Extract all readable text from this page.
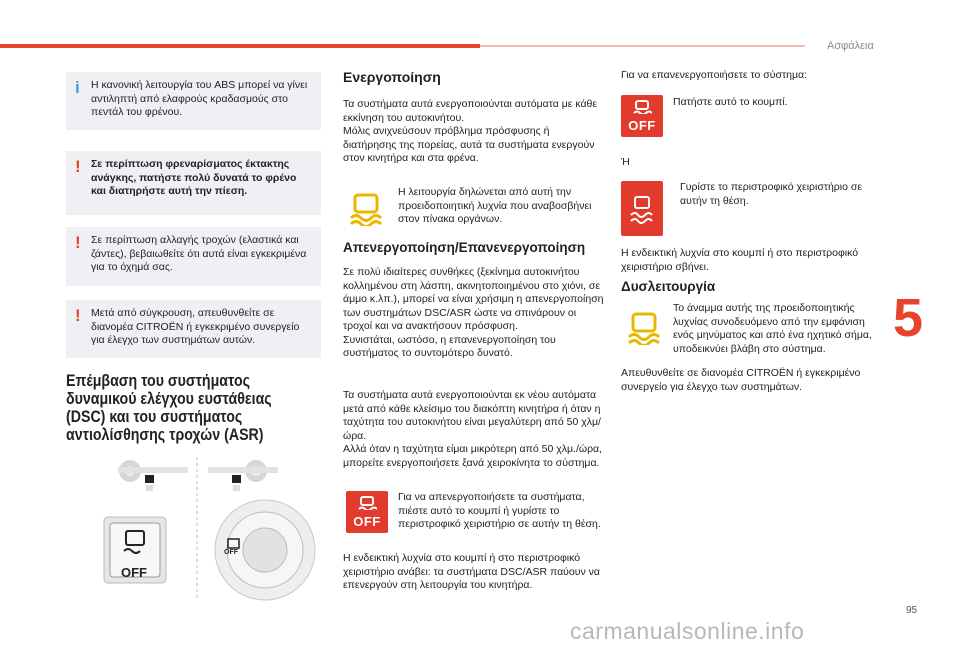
Ασφάλεια
5
95
carmanualsonline.info
i Η κανονική λειτουργία του ABS μπορεί να γίνει αντιληπτή από ελαφρούς κραδασμούς στο πεντάλ του φρένου.
! Σε περίπτωση φρεναρίσματος έκτακτης ανάγκης, πατήστε πολύ δυνατά το φρένο και διατηρήστε αυτή την πίεση.
! Σε περίπτωση αλλαγής τροχών (ελαστικά και ζάντες), βεβαιωθείτε ότι αυτά είναι εγκεκριμένα για το όχημά σας.
! Μετά από σύγκρουση, απευθυνθείτε σε διανομέα CITROËN ή εγκεκριμένο συνεργείο για έλεγχο των συστημάτων αυτών.
Επέμβαση του συστήματος δυναμικού ελέγχου ευστάθειας (DSC) και του συστήματος αντιολίσθησης τροχών (ASR)
OFF
OFF
Ενεργοποίηση
Τα συστήματα αυτά ενεργοποιούνται αυτόματα με κάθε εκκίνηση του αυτοκινήτου.
Μόλις ανιχνεύσουν πρόβλημα πρόσφυσης ή διατήρησης της πορείας, αυτά τα συστήματα ενεργούν στον κινητήρα και στα φρένα.
Η λειτουργία δηλώνεται από αυτή την προειδοποιητική λυχνία που αναβοσβήνει στον πίνακα οργάνων.
Απενεργοποίηση/Επανενεργοποίηση
Σε πολύ ιδιαίτερες συνθήκες (ξεκίνημα αυτοκινήτου κολλημένου στη λάσπη, ακινητοποιημένου στο χιόνι, σε άμμο κ.λπ.), μπορεί να είναι χρήσιμη η απενεργοποίηση των συστημάτων DSC/ASR ώστε να σπινάρουν οι τροχοί και να ανακτήσουν πρόσφυση.
Συνιστάται, ωστόσο, η επανενεργοποίηση του συστήματος το συντομότερο δυνατό.
Τα συστήματα αυτά ενεργοποιούνται εκ νέου αυτόματα μετά από κάθε κλείσιμο του διακόπτη κινητήρα ή όταν η ταχύτητα του αυτοκινήτου είναι μεγαλύτερη από 50 χλμ/ώρα.
Αλλά όταν η ταχύτητα είμαι μικρότερη από 50 χλμ./ώρα, μπορείτε ενεργοποιήσετε ξανά χειροκίνητα το σύστημα.
OFF
Για να απενεργοποιήσετε τα συστήματα, πιέστε αυτό το κουμπί ή γυρίστε το περιστροφικό χειριστήριο σε αυτήν τη θέση.
Η ενδεικτική λυχνία στο κουμπί ή στο περιστροφικό χειριστήριο ανάβει: τα συστήματα DSC/ASR παύουν να επενεργούν στη λειτουργία του κινητήρα.
Για να επανενεργοποιήσετε το σύστημα:
OFF
Πατήστε αυτό το κουμπί.
Ή
Γυρίστε το περιστροφικό χειριστήριο σε αυτήν τη θέση.
Η ενδεικτική λυχνία στο κουμπί ή στο περιστροφικό χειριστήριο σβήνει.
Δυσλειτουργία
Το άναμμα αυτής της προειδοποιητικής λυχνίας συνοδευόμενο από την εμφάνιση ενός μηνύματος και από ένα ηχητικό σήμα, υποδεικνύει βλάβη στο σύστημα.
Απευθυνθείτε σε διανομέα CITROËN ή εγκεκριμένο συνεργείο για έλεγχο των συστημάτων.
